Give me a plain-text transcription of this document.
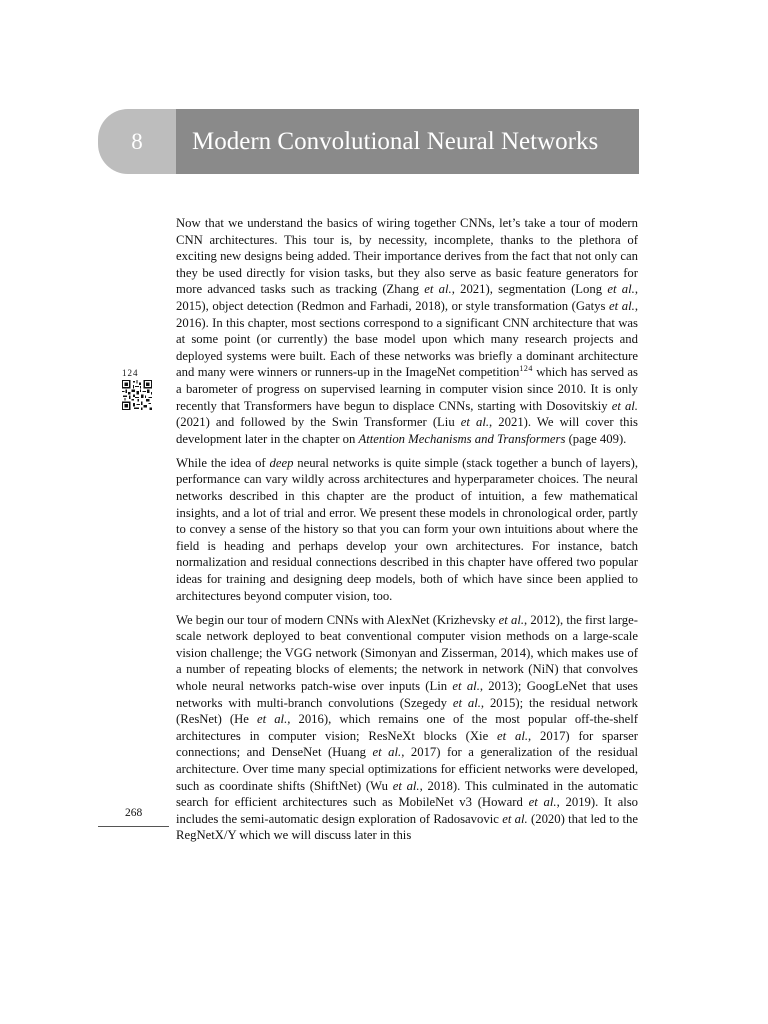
8	Modern Convolutional Neural Networks
124

Now that we understand the basics of wiring together CNNs, let’s take a tour of modern CNN architectures. This tour is, by necessity, incomplete, thanks to the plethora of exciting new designs being added. Their importance derives from the fact that not only can they be used directly for vision tasks, but they also serve as basic feature generators for more advanced tasks such as tracking (Zhang et al., 2021), segmentation (Long et al., 2015), object detection (Redmon and Farhadi, 2018), or style transformation (Gatys et al., 2016). In this chapter, most sections correspond to a significant CNN architecture that was at some point (or currently) the base model upon which many research projects and deployed systems were built. Each of these networks was briefly a dominant architecture and many were winners or runners-up in the ImageNet competition$^{124}$ which has served as a barometer of progress on supervised learning in computer vision since 2010. It is only recently that Transformers have begun to displace CNNs, starting with Dosovitskiy et al. (2021) and followed by the Swin Transformer (Liu et al., 2021). We will cover this development later in the chapter on Attention Mechanisms and Transformers (page 409).

While the idea of deep neural networks is quite simple (stack together a bunch of layers), performance can vary wildly across architectures and hyperparameter choices. The neural networks described in this chapter are the product of intuition, a few mathematical insights, and a lot of trial and error. We present these models in chronological order, partly to convey a sense of the history so that you can form your own intuitions about where the field is heading and perhaps develop your own architectures. For instance, batch normalization and residual connections described in this chapter have offered two popular ideas for training and designing deep models, both of which have since been applied to architectures beyond computer vision, too.

We begin our tour of modern CNNs with AlexNet (Krizhevsky et al., 2012), the first large-scale network deployed to beat conventional computer vision methods on a large-scale vision challenge; the VGG network (Simonyan and Zisserman, 2014), which makes use of a number of repeating blocks of elements; the network in network (NiN) that convolves whole neural networks patch-wise over inputs (Lin et al., 2013); GoogLeNet that uses networks with multi-branch convolutions (Szegedy et al., 2015); the residual network (ResNet) (He et al., 2016), which remains one of the most popular off-the-shelf architectures in computer vision; ResNeXt blocks (Xie et al., 2017) for sparser connections; and DenseNet (Huang et al., 2017) for a generalization of the residual architecture. Over time many special optimizations for efficient networks were developed, such as coordinate shifts (ShiftNet) (Wu et al., 2018). This culminated in the automatic search for efficient architectures such as MobileNet v3 (Howard et al., 2019). It also includes the semi-automatic design exploration of Radosavovic et al. (2020) that led to the RegNetX/Y which we will discuss later in this

268
